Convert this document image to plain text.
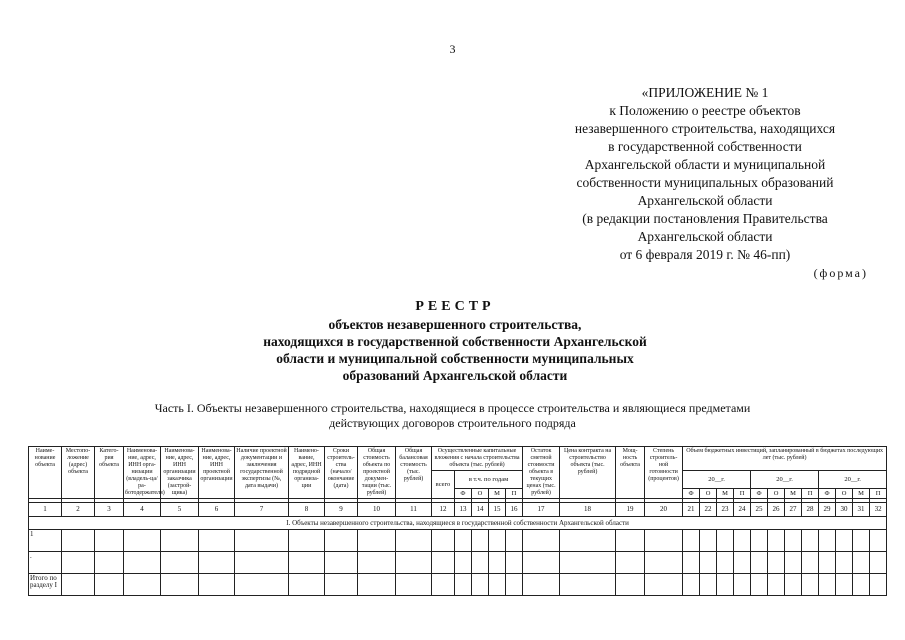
3
«ПРИЛОЖЕНИЕ № 1
к Положению о реестре объектов
незавершенного строительства, находящихся
в государственной собственности
Архангельской области и муниципальной
собственности муниципальных образований
Архангельской области
(в редакции постановления Правительства
Архангельской области
от 6 февраля 2019 г. № 46-пп)
(форма)
РЕЕСТР
объектов незавершенного строительства,
находящихся в государственной собственности Архангельской
области и муниципальной собственности муниципальных
образований Архангельской области
Часть I. Объекты незавершенного строительства, находящиеся в процессе строительства и являющиеся предметами
действующих договоров строительного подряда
Наиме-нование объекта	Местопо-ложение (адрес) объекта	Катего-рия объекта	Наименова-ние, адрес, ИНН орга-низации (владель-ца/ра-ботодержателя)	Наименова-ние, адрес, ИНН организации заказчика (застрой-щика)	Наименова-ние, адрес, ИНН проектной организации	Наличие проектной документации и заключения государственной экспертизы (№, дата выдачи)	Наимено-вание, адрес, ИНН подрядной организа-ции	Сроки строитель-ства (начало/ окончание (дата)	Общая стоимость объекта по проектной докумен-тации (тыс. рублей)	Общая балансовая стоимость (тыс. рублей)	Осуществленные капитальные вложения с начала строительства объекта (тыс. рублей)					Остаток сметной стоимости объекта в текущих ценах (тыс. рублей)	Цена контракта на строительство объекта (тыс. рублей)	Мощ-ность объекта	Степень строитель-ной готовности (процентов)	Объем бюджетных инвестиций, запланированный в бюджетах последующих лет (тыс. рублей)											
											всего	в т.ч. по годам								20__г.				20__г.				20__г.			
												Ф	О	М	П					Ф	О	М	П	Ф	О	М	П	Ф	О	М	П

1	2	3	4	5	6	7	8	9	10	11	12	13	14	15	16	17	18	19	20	21	22	23	24	25	26	27	28	29	30	31	32
I. Объекты незавершенного строительства, находящиеся в государственной собственности Архангельской области																															
1																															
.																															
Итого по разделу I																															
